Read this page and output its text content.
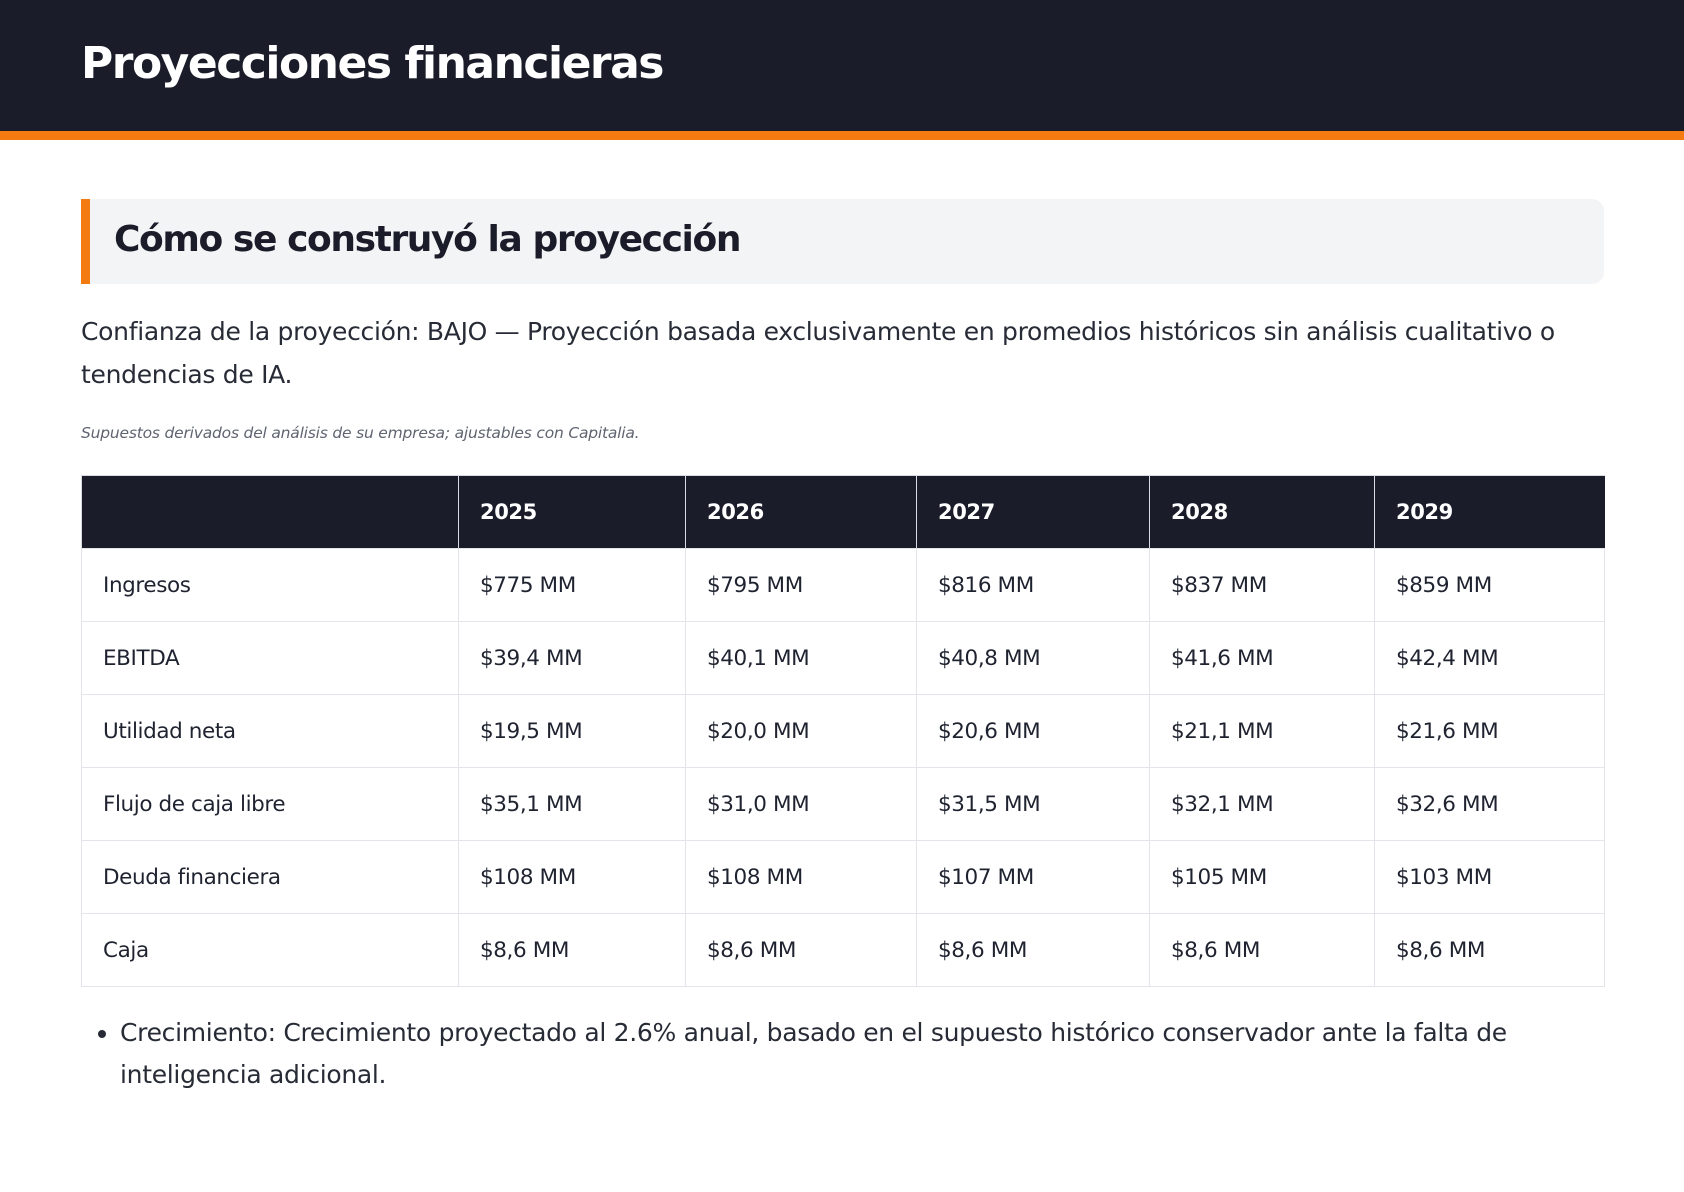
Proyecciones financieras
Cómo se construyó la proyección

Confianza de la proyección: BAJO — Proyección basada exclusivamente en promedios históricos sin análisis cualitativo o tendencias de IA.

Supuestos derivados del análisis de su empresa; ajustables con Capitalia.

	2025	2026	2027	2028	2029
Ingresos	$775 MM	$795 MM	$816 MM	$837 MM	$859 MM
EBITDA	$39,4 MM	$40,1 MM	$40,8 MM	$41,6 MM	$42,4 MM
Utilidad neta	$19,5 MM	$20,0 MM	$20,6 MM	$21,1 MM	$21,6 MM
Flujo de caja libre	$35,1 MM	$31,0 MM	$31,5 MM	$32,1 MM	$32,6 MM
Deuda financiera	$108 MM	$108 MM	$107 MM	$105 MM	$103 MM
Caja	$8,6 MM	$8,6 MM	$8,6 MM	$8,6 MM	$8,6 MM
• Crecimiento: Crecimiento proyectado al 2.6% anual, basado en el supuesto histórico conservador ante la falta de inteligencia adicional.
